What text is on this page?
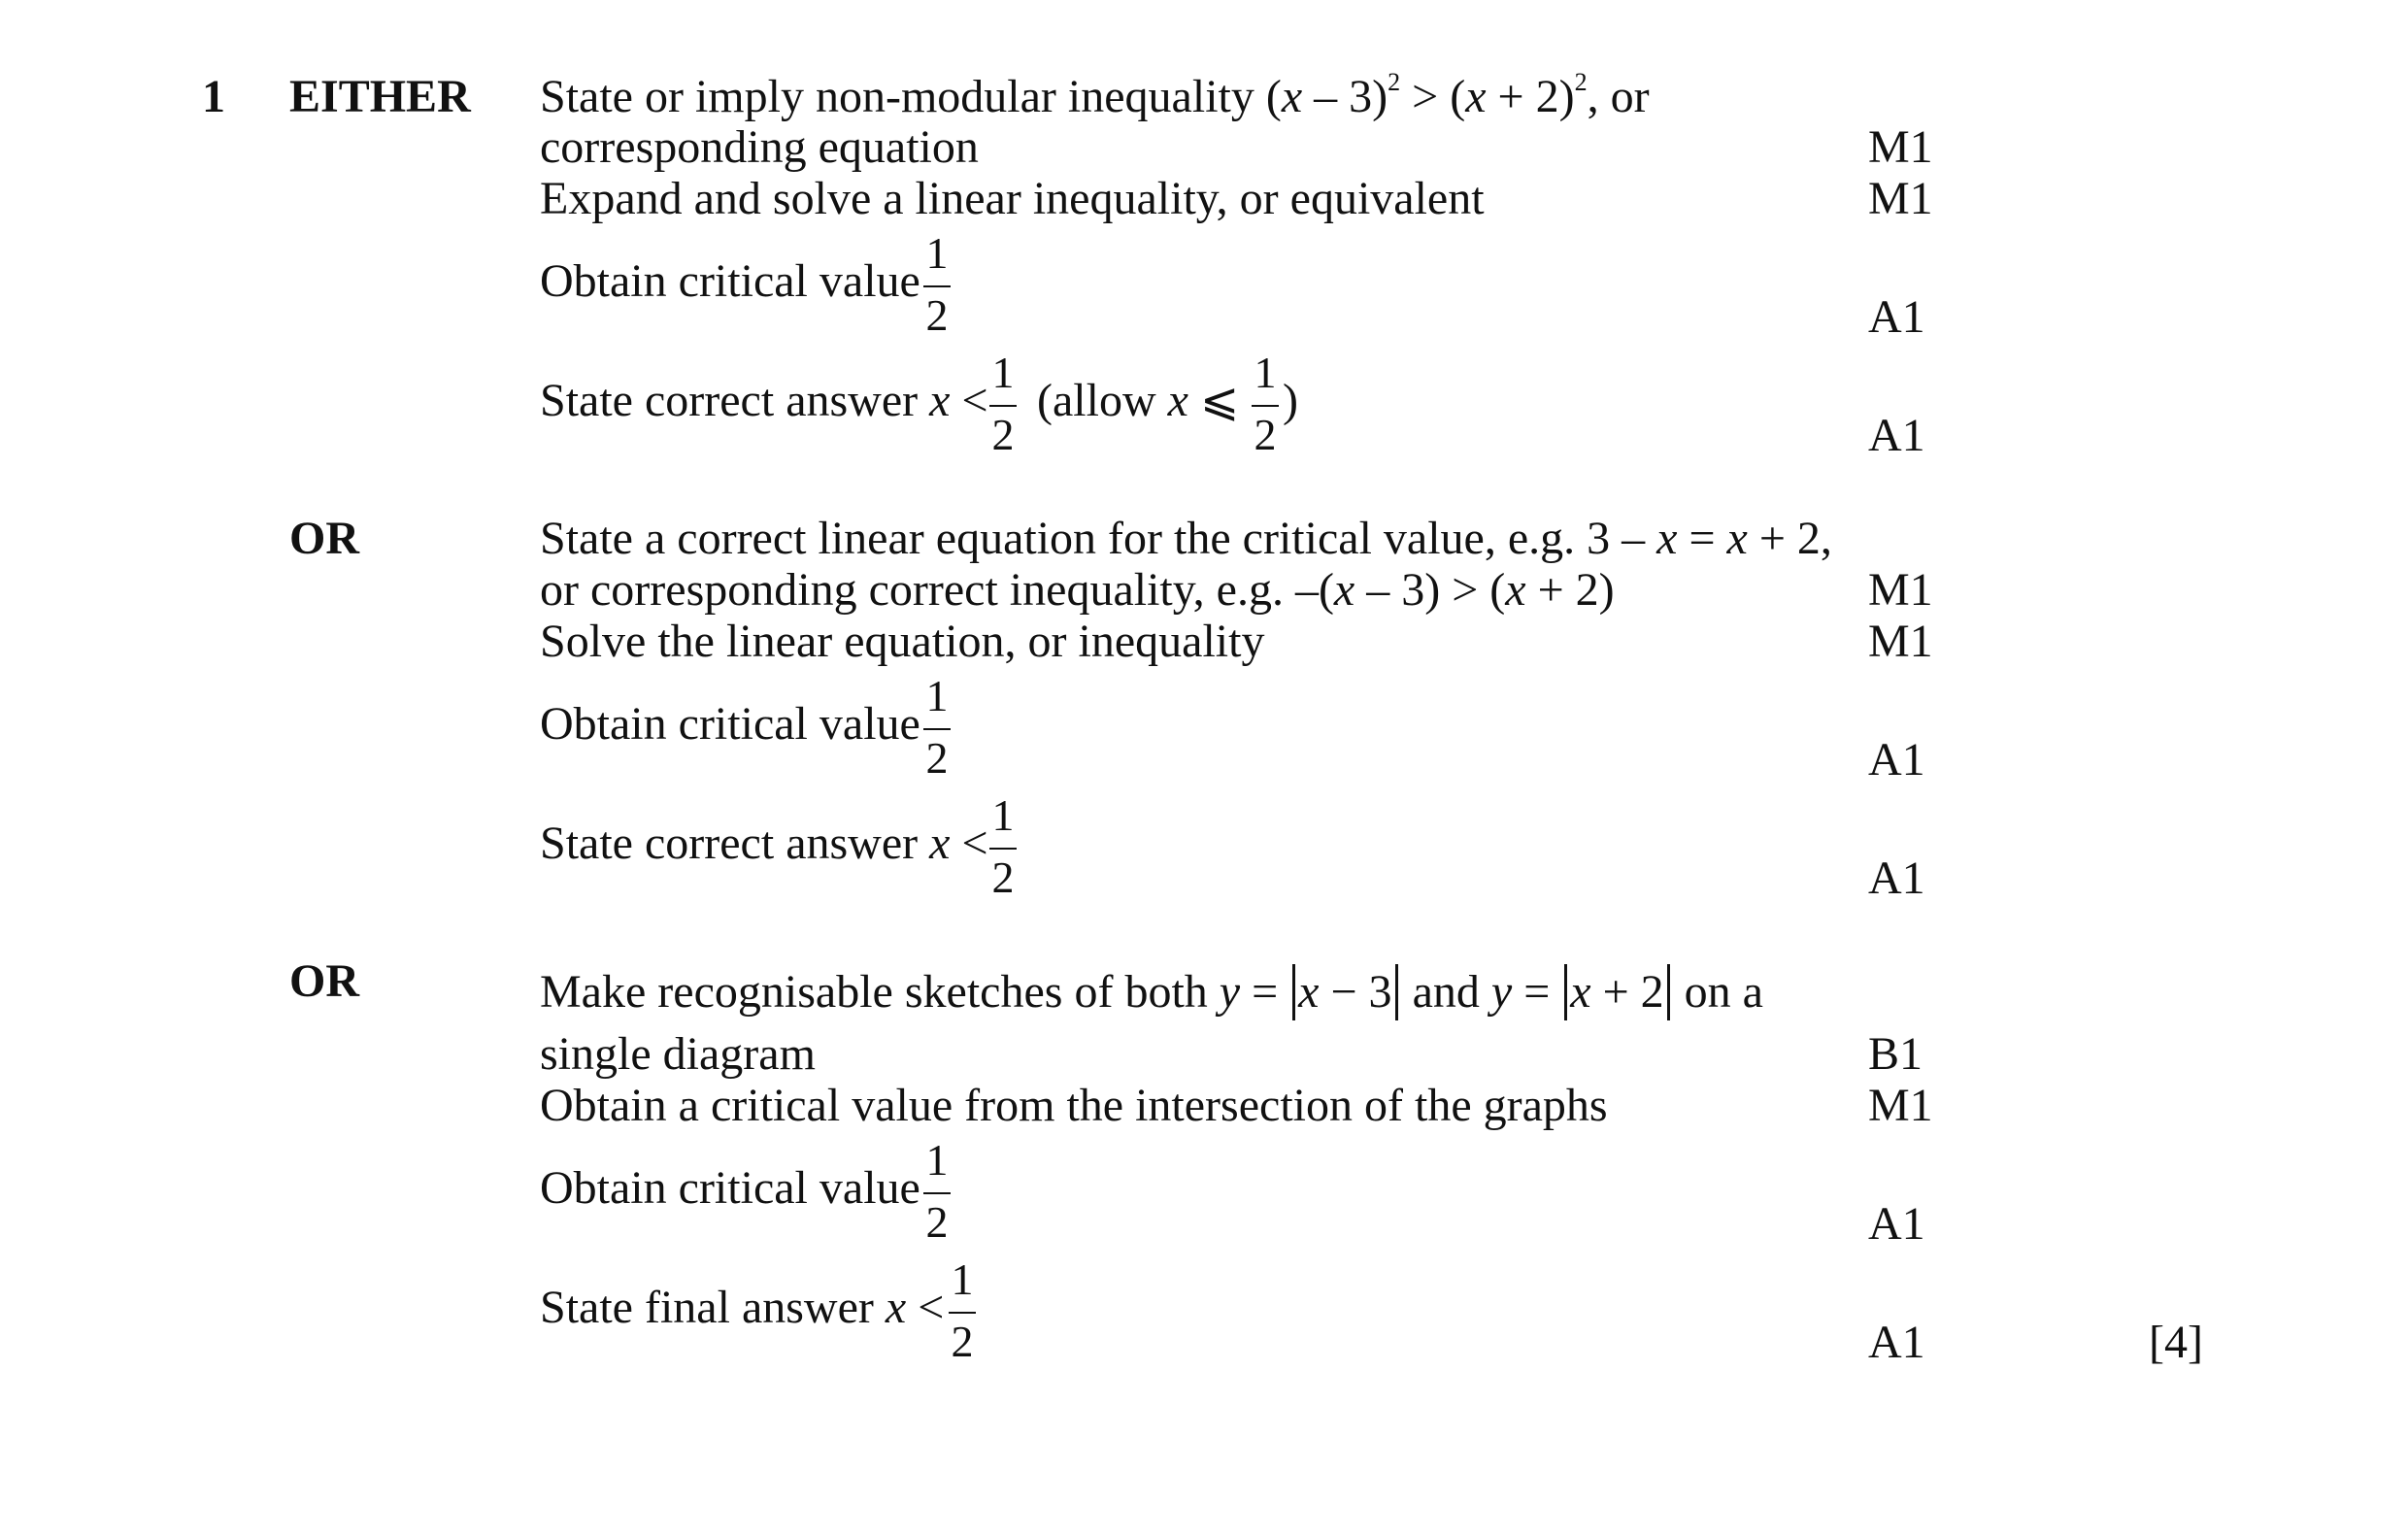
1 EITHER State or imply non-modular inequality $(x - 3)^2 > (x + 2)^2$, or
corresponding equation	M1
Expand and solve a linear inequality, or equivalent	M1
Obtain critical value
1
2	A1
State correct answer x <
1
2
(allow x ⩽
1
2
)
A1
OR	State a correct linear equation for the critical value, e.g. 3 – x = x + 2,
or corresponding correct inequality, e.g. –(x – 3) > (x + 2)	M1
Solve the linear equation, or inequality	M1
Obtain critical value
1
2	A1
State correct answer x <
1
2	A1
OR	Make recognisable sketches of both y = x − 3 and y = x + 2 on a
single diagram	B1
Obtain a critical value from the intersection of the graphs	M1
Obtain critical value
1
2	A1
State final answer x <
1
2	A1	[4]
